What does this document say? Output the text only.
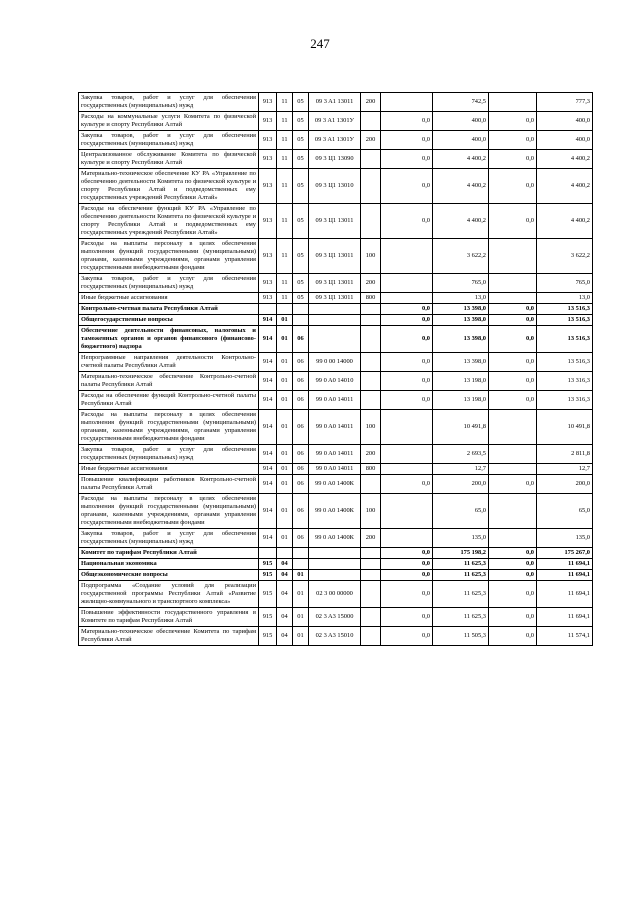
247
Закупка товаров, работ и услуг для обеспечения государственных (муниципальных) нужд	913	11	05	09 3 A1 13011	200		742,5		777,3
Расходы на коммунальные услуги Комитета по физической культуре и спорту Республики Алтай	913	11	05	09 3 A1 1301У		0,0	400,0	0,0	400,0
Закупка товаров, работ и услуг для обеспечения государственных (муниципальных) нужд	913	11	05	09 3 A1 1301У	200	0,0	400,0	0,0	400,0
Централизованное обслуживание Комитета по физической культуре и спорту Республики Алтай	913	11	05	09 3 Ц1 13090		0,0	4 400,2	0,0	4 400,2
Материально-техническое обеспечение КУ РА «Управление по обеспечению деятельности Комитета по физической культуре и спорту Республики Алтай и подведомственных ему государственных учреждений Республики Алтай»	913	11	05	09 3 Ц1 13010		0,0	4 400,2	0,0	4 400,2
Расходы на обеспечение функций КУ РА «Управление по обеспечению деятельности Комитета по физической культуре и спорту Республики Алтай и подведомственных ему государственных учреждений Республики Алтай»	913	11	05	09 3 Ц1 13011		0,0	4 400,2	0,0	4 400,2
Расходы на выплаты персоналу в целях обеспечения выполнения функций государственными (муниципальными) органами, казенными учреждениями, органами управления государственными внебюджетными фондами	913	11	05	09 3 Ц1 13011	100		3 622,2		3 622,2
Закупка товаров, работ и услуг для обеспечения государственных (муниципальных) нужд	913	11	05	09 3 Ц1 13011	200		765,0		765,0
Иные бюджетные ассигнования	913	11	05	09 3 Ц1 13011	800		13,0		13,0
Контрольно-счетная палата Республики Алтай						0,0	13 398,0	0,0	13 516,3
Общегосударственные вопросы	914	01				0,0	13 398,0	0,0	13 516,3
Обеспечение деятельности финансовых, налоговых и таможенных органов и органов финансового (финансово-бюджетного) надзора	914	01	06			0,0	13 398,0	0,0	13 516,3
Непрограммные направления деятельности Контрольно-счетной палаты Республики Алтай	914	01	06	99 0 00 14000		0,0	13 398,0	0,0	13 516,3
Материально-техническое обеспечение Контрольно-счетной палаты Республики Алтай	914	01	06	99 0 A0 14010		0,0	13 198,0	0,0	13 316,3
Расходы на обеспечение функций Контрольно-счетной палаты Республики Алтай	914	01	06	99 0 A0 14011		0,0	13 198,0	0,0	13 316,3
Расходы на выплаты персоналу в целях обеспечения выполнения функций государственными (муниципальными) органами, казенными учреждениями, органами управления государственными внебюджетными фондами	914	01	06	99 0 A0 14011	100		10 491,8		10 491,8
Закупка товаров, работ и услуг для обеспечения государственных (муниципальных) нужд	914	01	06	99 0 A0 14011	200		2 693,5		2 811,8
Иные бюджетные ассигнования	914	01	06	99 0 A0 14011	800		12,7		12,7
Повышение квалификации работников Контрольно-счетной палаты Республики Алтай	914	01	06	99 0 A0 1400К		0,0	200,0	0,0	200,0
Расходы на выплаты персоналу в целях обеспечения выполнения функций государственными (муниципальными) органами, казенными учреждениями, органами управления государственными внебюджетными фондами	914	01	06	99 0 A0 1400К	100		65,0		65,0
Закупка товаров, работ и услуг для обеспечения государственных (муниципальных) нужд	914	01	06	99 0 A0 1400К	200		135,0		135,0
Комитет по тарифам Республики Алтай						0,0	175 198,2	0,0	175 267,0
Национальная экономика	915	04				0,0	11 625,3	0,0	11 694,1
Общеэкономические вопросы	915	04	01			0,0	11 625,3	0,0	11 694,1
Подпрограмма «Создание условий для реализации государственной программы Республики Алтай «Развитие жилищно-коммунального и транспортного комплекса»	915	04	01	02 3 00 00000		0,0	11 625,3	0,0	11 694,1
Повышение эффективности государственного управления в Комитете по тарифам Республики Алтай	915	04	01	02 3 A3 15000		0,0	11 625,3	0,0	11 694,1
Материально-техническое обеспечение Комитета по тарифам Республики Алтай	915	04	01	02 3 A3 15010		0,0	11 505,3	0,0	11 574,1
